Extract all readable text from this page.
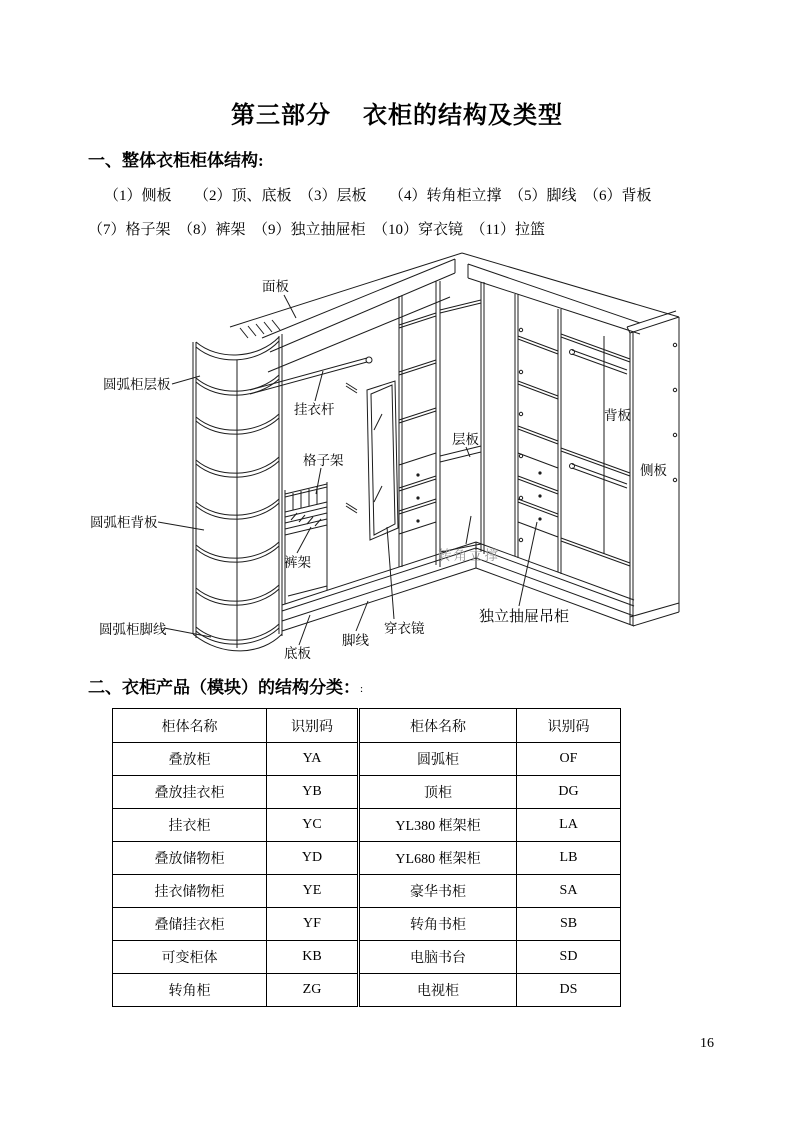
第三部分　 衣柜的结构及类型
一、整体衣柜柜体结构:
（1）侧板　　（2）顶、底板　（3）层板　　（4）转角柜立撑　（5）脚线　（6）背板
（7）格子架　（8）裤架　（9）独立抽屉柜　（10）穿衣镜　（11）拉篮
面板
圆弧柜层板
挂衣杆
格子架
圆弧柜背板
裤架
圆弧柜脚线
底板
脚线
穿衣镜
层板
转角立撑
独立抽屉吊柜
背板
侧板
二、衣柜产品（模块）的结构分类：:
柜体名称	识别码	柜体名称	识别码
叠放柜	YA	圆弧柜	OF
叠放挂衣柜	YB	顶柜	DG
挂衣柜	YC	YL380 框架柜	LA
叠放储物柜	YD	YL680 框架柜	LB
挂衣储物柜	YE	豪华书柜	SA
叠储挂衣柜	YF	转角书柜	SB
可变柜体	KB	电脑书台	SD
转角柜	ZG	电视柜	DS
16
